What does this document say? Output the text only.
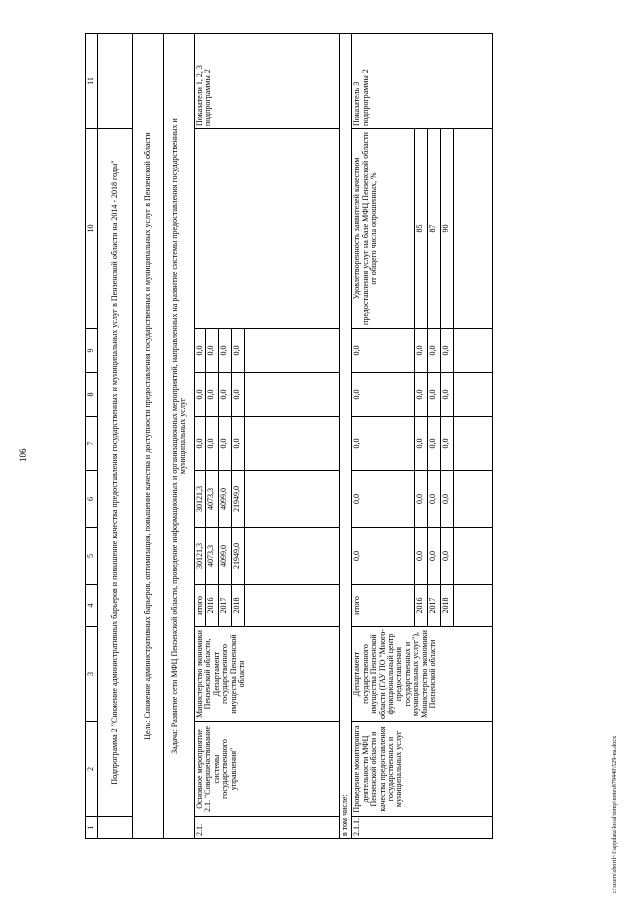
106
1	2	3	4	5	6	7	8	9	10	11
	Подпрограмма 2 "Снижение административных барьеров и повышение качества предоставления государственных и муниципальных услуг в Пензенской области на 2014 - 2018 годы"									
Цель: Снижение административных барьеров, оптимизация, повышение качества и доступности предоставления государственных и муниципальных услуг в Пензенской области										
Задача: Развитие сети МФЦ Пензенской области, проведение информационных и организационных мероприятий, направленных на развитие системы предоставления государственных и муниципальных услуг										
2.1.	Основное мероприятие 2.1. "Совершенствование системы государственного управления"	Министерство экономики Пензенской области, Департамент государственного имущества Пензенской области	итого	30121,3	30121,3	0,0	0,0	0,0		Показатели 1, 2, 3 подпрограммы 2
			2016	4073,3	4073,3	0,0	0,0	0,0		
			2017	4099,0	4099,0	0,0	0,0	0,0		
			2018	21949,0	21949,0	0,0	0,0	0,0		

в том числе:										
2.1.1.	Проведение мониторинга деятельности МФЦ Пензенской области и качества предоставления государственных и муниципальных услуг	Департамент государственного имущества Пензенской области (ГАУ ПО "Много-функциональный центр предоставления государственных и муниципальных услуг"), Министерство экономики Пензенской области	итого	0,0	0,0	0,0	0,0	0,0	Удовлетворенность заявителей качеством предоставления услуг на базе МФЦ Пензенской области от общего числа опрошенных, %	Показатель 3 подпрограммы 2
			2016	0,0	0,0	0,0	0,0	0,0	85	
			2017	0,0	0,0	0,0	0,0	0,0	87	
			2018	0,0	0,0	0,0	0,0	0,0	90	

c:\users\sboril~1\appdata\local\temp\notes879440\529-на.docx
